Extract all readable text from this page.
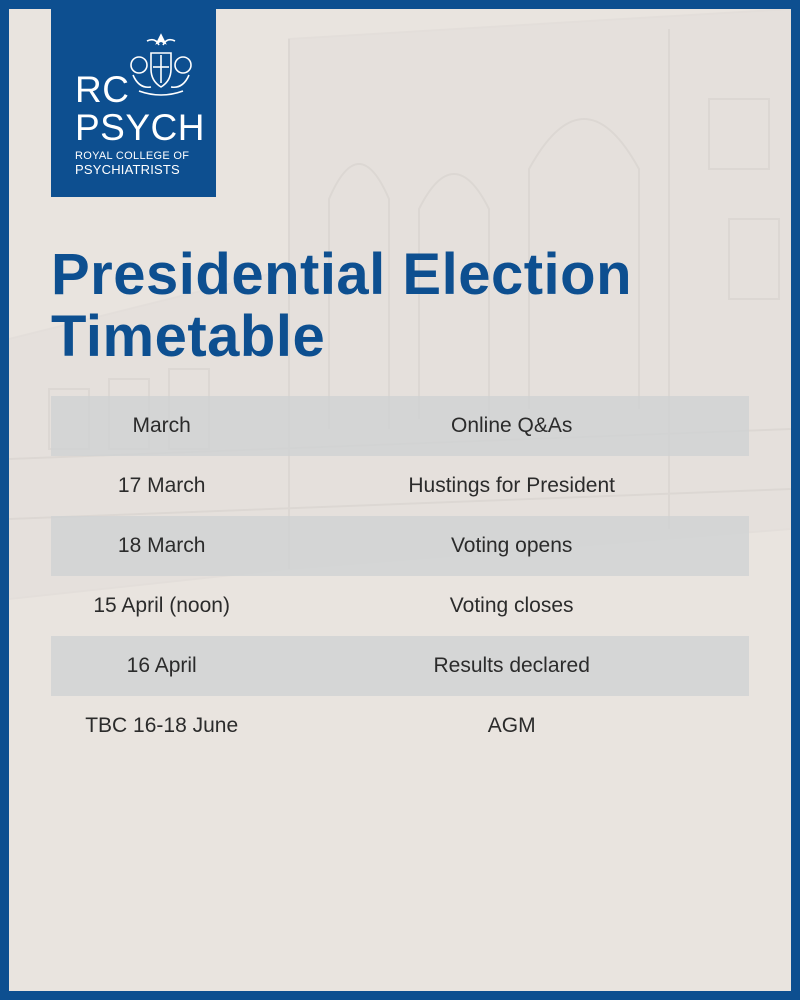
RC
PSYCH
ROYAL COLLEGE OF
PSYCHIATRISTS
Presidential Election
Timetable
March	Online Q&As
17 March	Hustings for President
18 March	Voting opens
15 April (noon)	Voting closes
16 April	Results declared
TBC 16-18 June	AGM
